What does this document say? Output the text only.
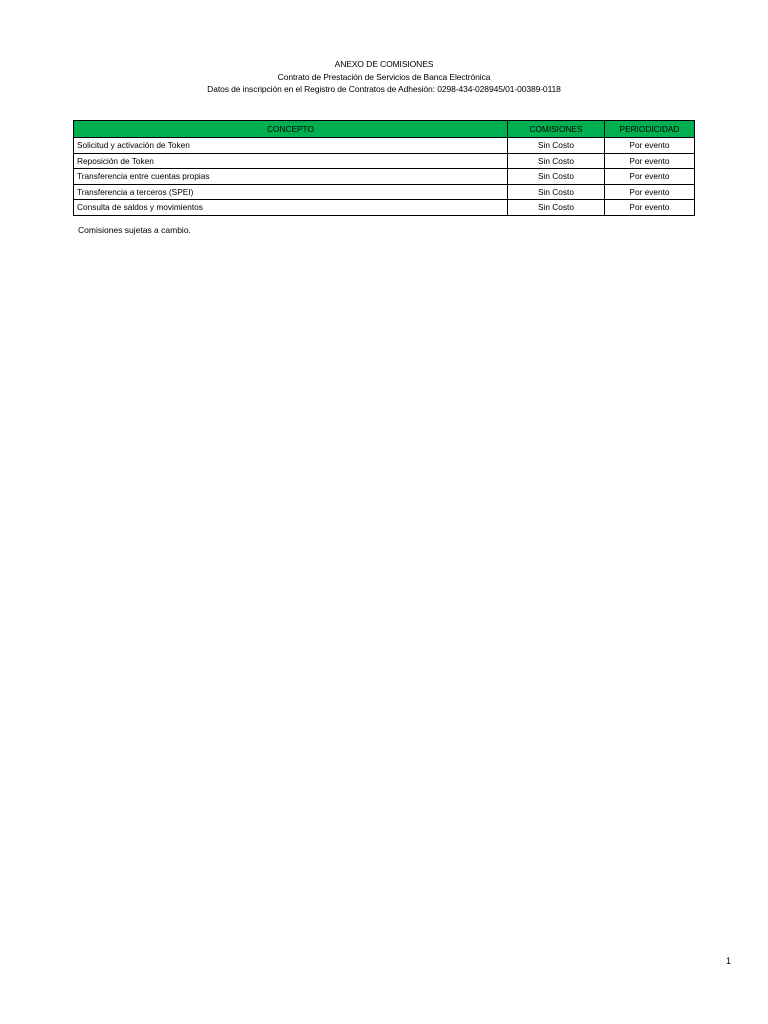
ANEXO DE COMISIONES
Contrato de Prestación de Servicios de Banca Electrónica
Datos de inscripción en el Registro de Contratos de Adhesión: 0298-434-028945/01-00389-0118
CONCEPTO	COMISIONES	PERIODICIDAD
Solicitud y activación de Token	Sin Costo	Por evento
Reposición de Token	Sin Costo	Por evento
Transferencia entre cuentas propias	Sin Costo	Por evento
Transferencia a terceros (SPEI)	Sin Costo	Por evento
Consulta de saldos y movimientos	Sin Costo	Por evento
Comisiones sujetas a cambio.
1
